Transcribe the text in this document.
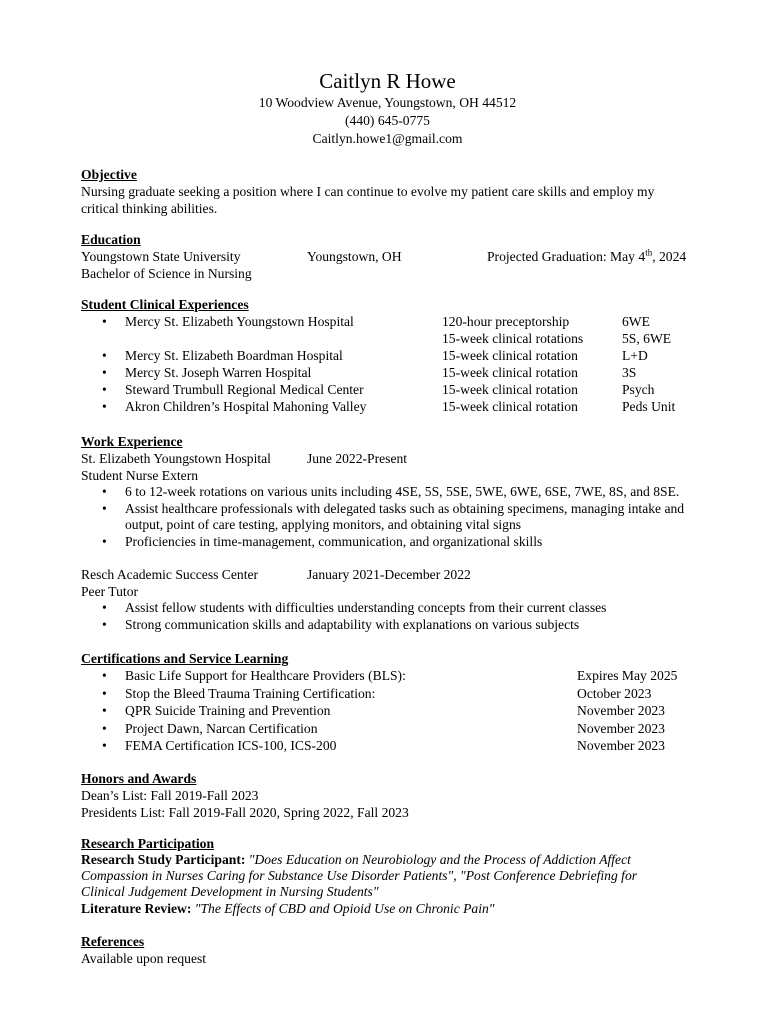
Caitlyn R Howe
10 Woodview Avenue, Youngstown, OH 44512
(440) 645-0775
Caitlyn.howe1@gmail.com
Objective
Nursing graduate seeking a position where I can continue to evolve my patient care skills and employ my
critical thinking abilities.
Education
Youngstown State University	Youngstown, OH	Projected Graduation: May 4th, 2024
Bachelor of Science in Nursing
Student Clinical Experiences
• Mercy St. Elizabeth Youngstown Hospital	120-hour preceptorship	6WE
15-week clinical rotations	5S, 6WE
• Mercy St. Elizabeth Boardman Hospital	15-week clinical rotation	L+D
• Mercy St. Joseph Warren Hospital	15-week clinical rotation	3S
• Steward Trumbull Regional Medical Center	15-week clinical rotation	Psych
• Akron Children’s Hospital Mahoning Valley	15-week clinical rotation	Peds Unit
Work Experience
St. Elizabeth Youngstown Hospital	June 2022-Present
Student Nurse Extern
• 6 to 12-week rotations on various units including 4SE, 5S, 5SE, 5WE, 6WE, 6SE, 7WE, 8S, and 8SE.
• Assist healthcare professionals with delegated tasks such as obtaining specimens, managing intake and
output, point of care testing, applying monitors, and obtaining vital signs
• Proficiencies in time-management, communication, and organizational skills
Resch Academic Success Center	January 2021-December 2022
Peer Tutor
• Assist fellow students with difficulties understanding concepts from their current classes
• Strong communication skills and adaptability with explanations on various subjects
Certifications and Service Learning
• Basic Life Support for Healthcare Providers (BLS):	Expires May 2025
• Stop the Bleed Trauma Training Certification:	October 2023
• QPR Suicide Training and Prevention	November 2023
• Project Dawn, Narcan Certification	November 2023
• FEMA Certification ICS-100, ICS-200	November 2023
Honors and Awards
Dean’s List: Fall 2019-Fall 2023
Presidents List: Fall 2019-Fall 2020, Spring 2022, Fall 2023
Research Participation
Research Study Participant: "Does Education on Neurobiology and the Process of Addiction Affect
Compassion in Nurses Caring for Substance Use Disorder Patients", "Post Conference Debriefing for
Clinical Judgement Development in Nursing Students"
Literature Review: "The Effects of CBD and Opioid Use on Chronic Pain"
References
Available upon request
